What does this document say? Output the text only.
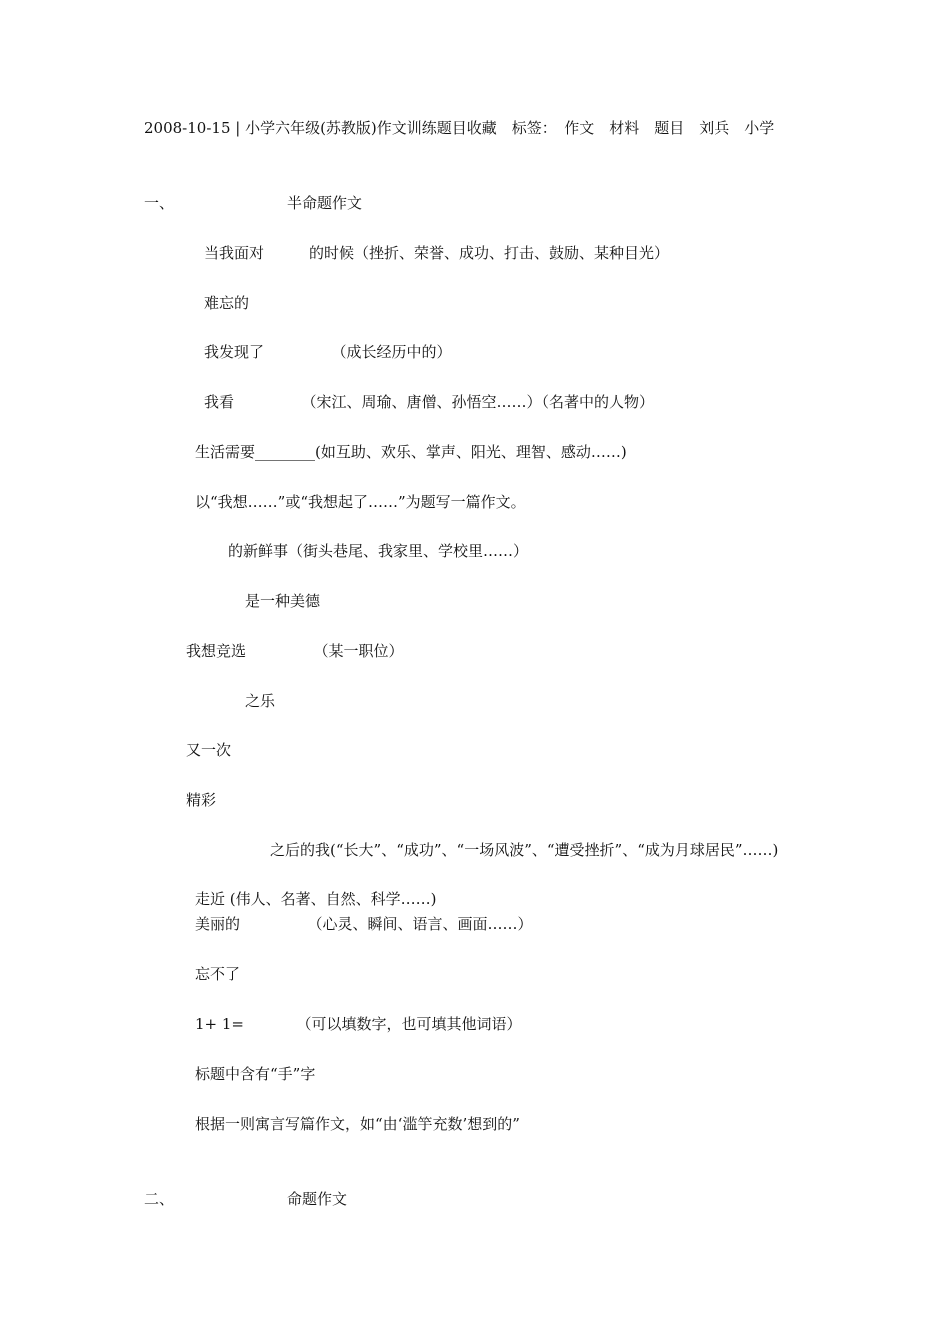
2008-10-15 | 小学六年级(苏教版)作文训练题目收藏　标签：　作文　材料　题目　刘兵　小学
一、	半命题作文
当我面对　　　的时候（挫折、荣誉、成功、打击、鼓励、某种目光）
难忘的
我发现了　　　　　（成长经历中的）
我看　　　　　（宋江、周瑜、唐僧、孙悟空……）（名著中的人物）
生活需要________(如互助、欢乐、掌声、阳光、理智、感动……)
以“我想……”或“我想起了……”为题写一篇作文。
的新鲜事（街头巷尾、我家里、学校里……）
是一种美德
我想竞选　　　　　（某一职位）
之乐
又一次
精彩
之后的我(“长大”、“成功”、“一场风波”、“遭受挫折”、“成为月球居民”……)
走近 (伟人、名著、自然、科学……)
美丽的　　　　　（心灵、瞬间、语言、画面……）
忘不了
1+ 1=　　　　（可以填数字，也可填其他词语）
标题中含有“手”字
根据一则寓言写篇作文，如“由‘滥竽充数’想到的”
二、	命题作文
